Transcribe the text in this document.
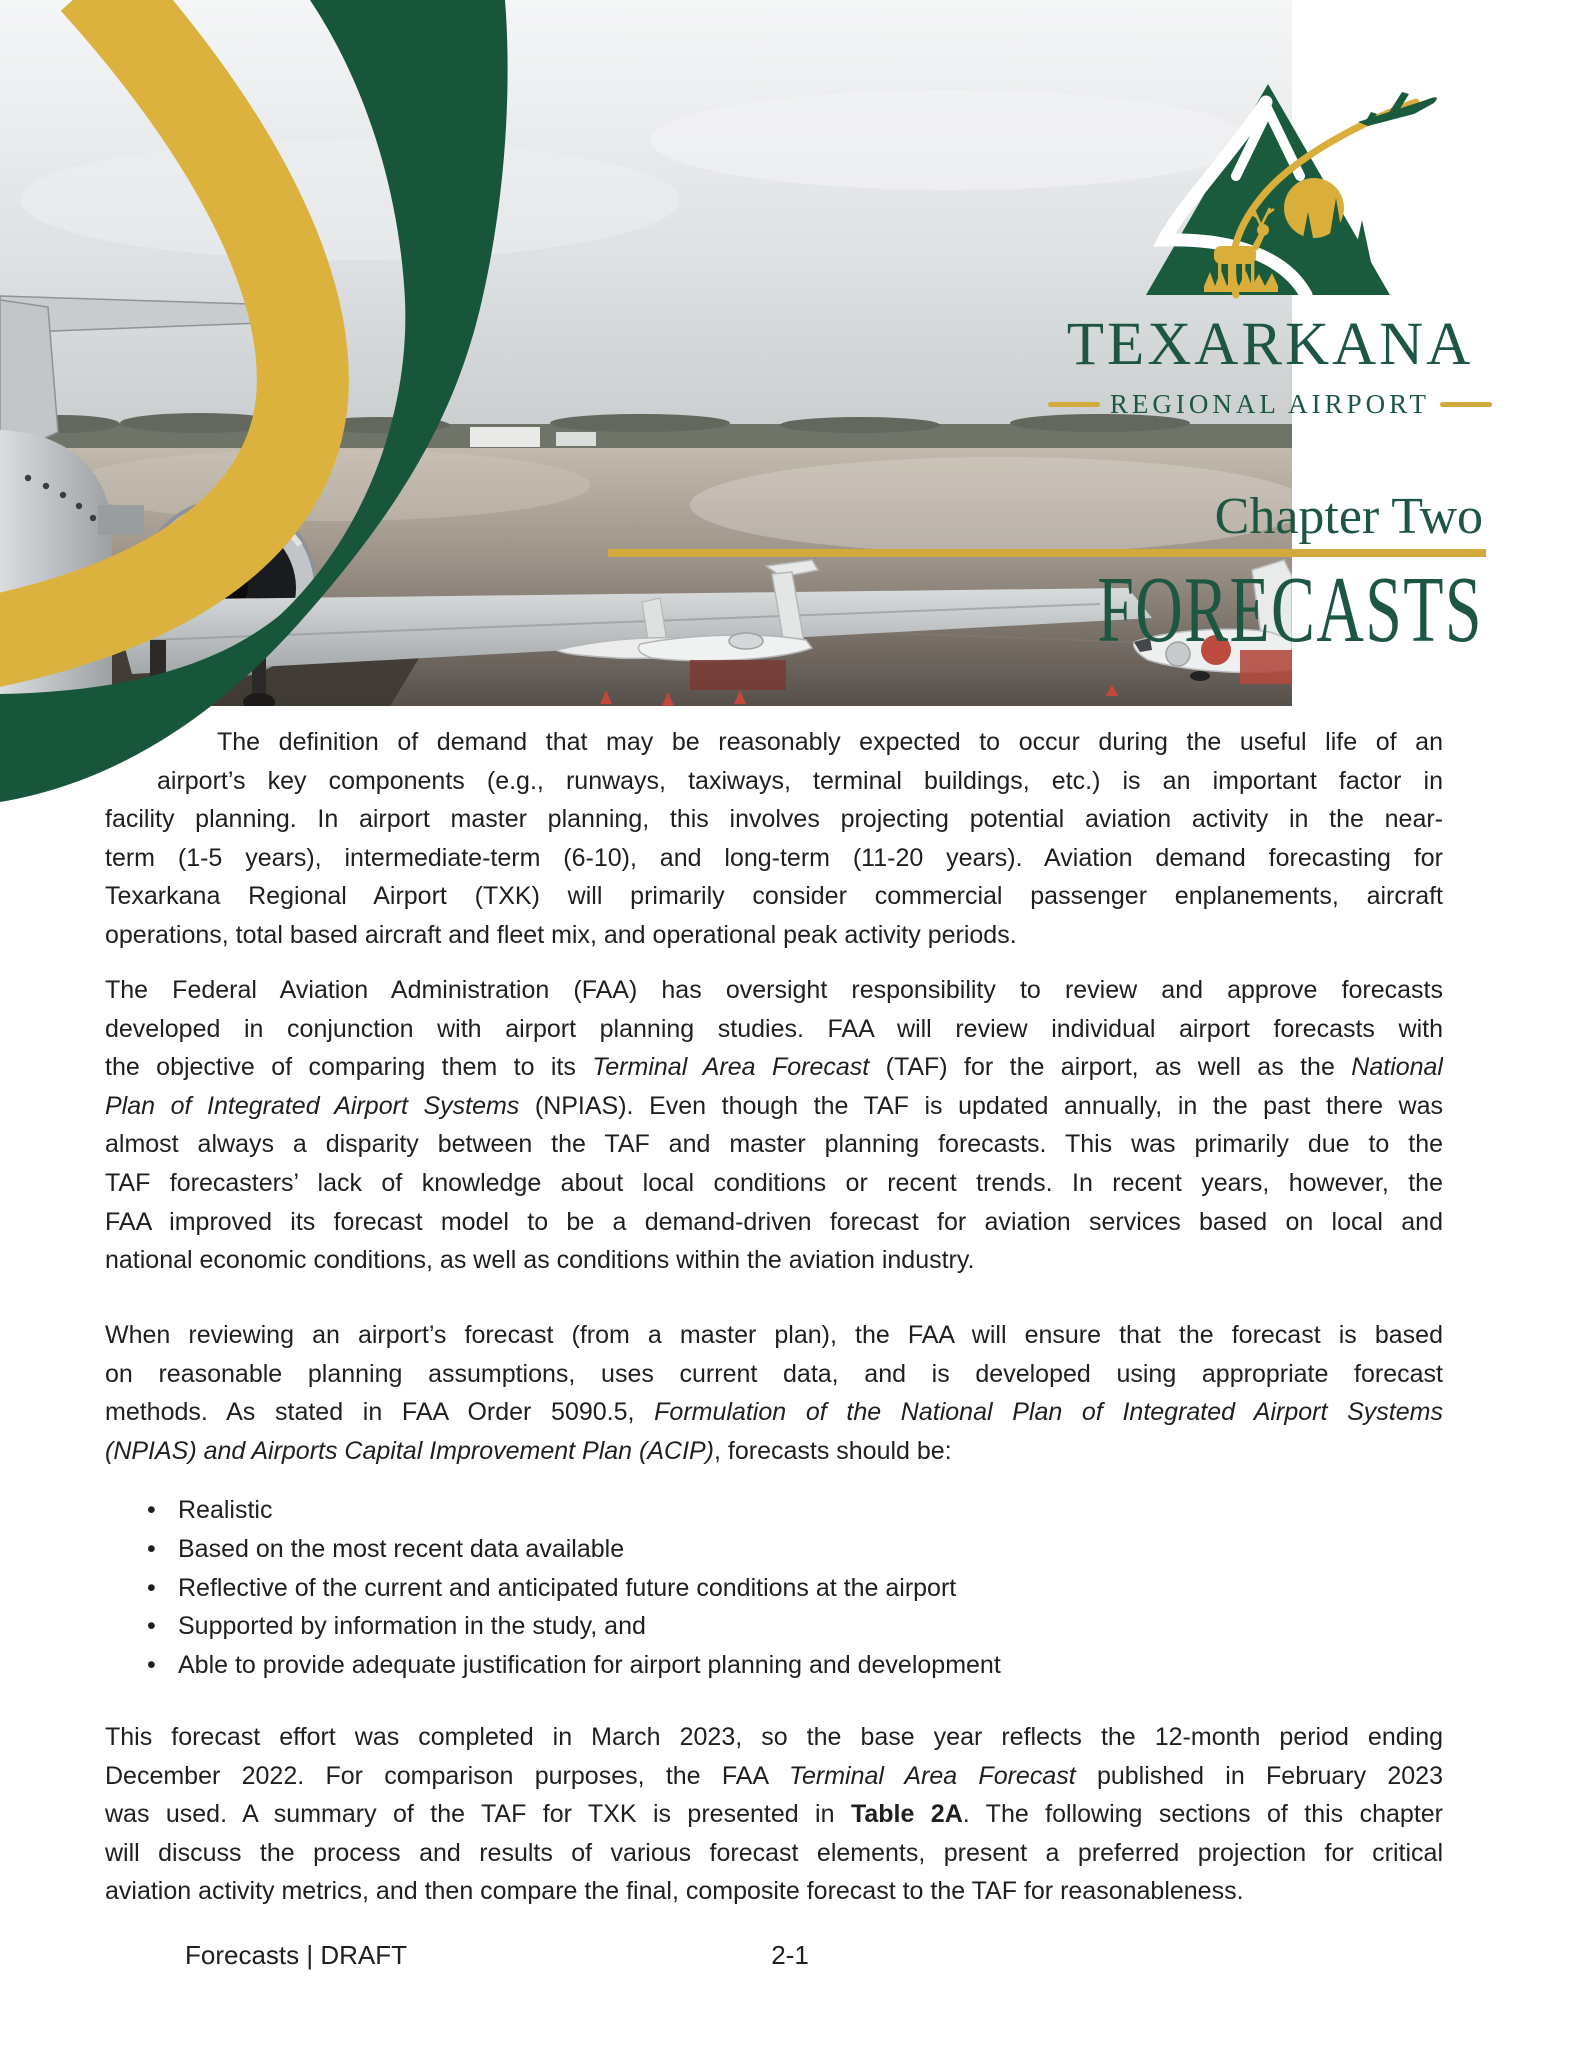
TEXARKANA
REGIONAL AIRPORT
Chapter Two
FORECASTS
The definition of demand that may be reasonably expected to occur during the useful life of an
airport’s key components (e.g., runways, taxiways, terminal buildings, etc.) is an important factor in
facility planning. In airport master planning, this involves projecting potential aviation activity in the near-
term (1-5 years), intermediate-term (6-10), and long-term (11-20 years). Aviation demand forecasting for
Texarkana Regional Airport (TXK) will primarily consider commercial passenger enplanements, aircraft
operations, total based aircraft and fleet mix, and operational peak activity periods.
The Federal Aviation Administration (FAA) has oversight responsibility to review and approve forecasts
developed in conjunction with airport planning studies. FAA will review individual airport forecasts with
the objective of comparing them to its Terminal Area Forecast (TAF) for the airport, as well as the National
Plan of Integrated Airport Systems (NPIAS). Even though the TAF is updated annually, in the past there was
almost always a disparity between the TAF and master planning forecasts. This was primarily due to the
TAF forecasters’ lack of knowledge about local conditions or recent trends. In recent years, however, the
FAA improved its forecast model to be a demand-driven forecast for aviation services based on local and
national economic conditions, as well as conditions within the aviation industry.
When reviewing an airport’s forecast (from a master plan), the FAA will ensure that the forecast is based
on reasonable planning assumptions, uses current data, and is developed using appropriate forecast
methods. As stated in FAA Order 5090.5, Formulation of the National Plan of Integrated Airport Systems
(NPIAS) and Airports Capital Improvement Plan (ACIP), forecasts should be:
This forecast effort was completed in March 2023, so the base year reflects the 12-month period ending
December 2022. For comparison purposes, the FAA Terminal Area Forecast published in February 2023
was used. A summary of the TAF for TXK is presented in Table 2A. The following sections of this chapter
will discuss the process and results of various forecast elements, present a preferred projection for critical
aviation activity metrics, and then compare the final, composite forecast to the TAF for reasonableness.
• Realistic
• Based on the most recent data available
• Reflective of the current and anticipated future conditions at the airport
• Supported by information in the study, and
• Able to provide adequate justification for airport planning and development
Forecasts | DRAFT	2-1
